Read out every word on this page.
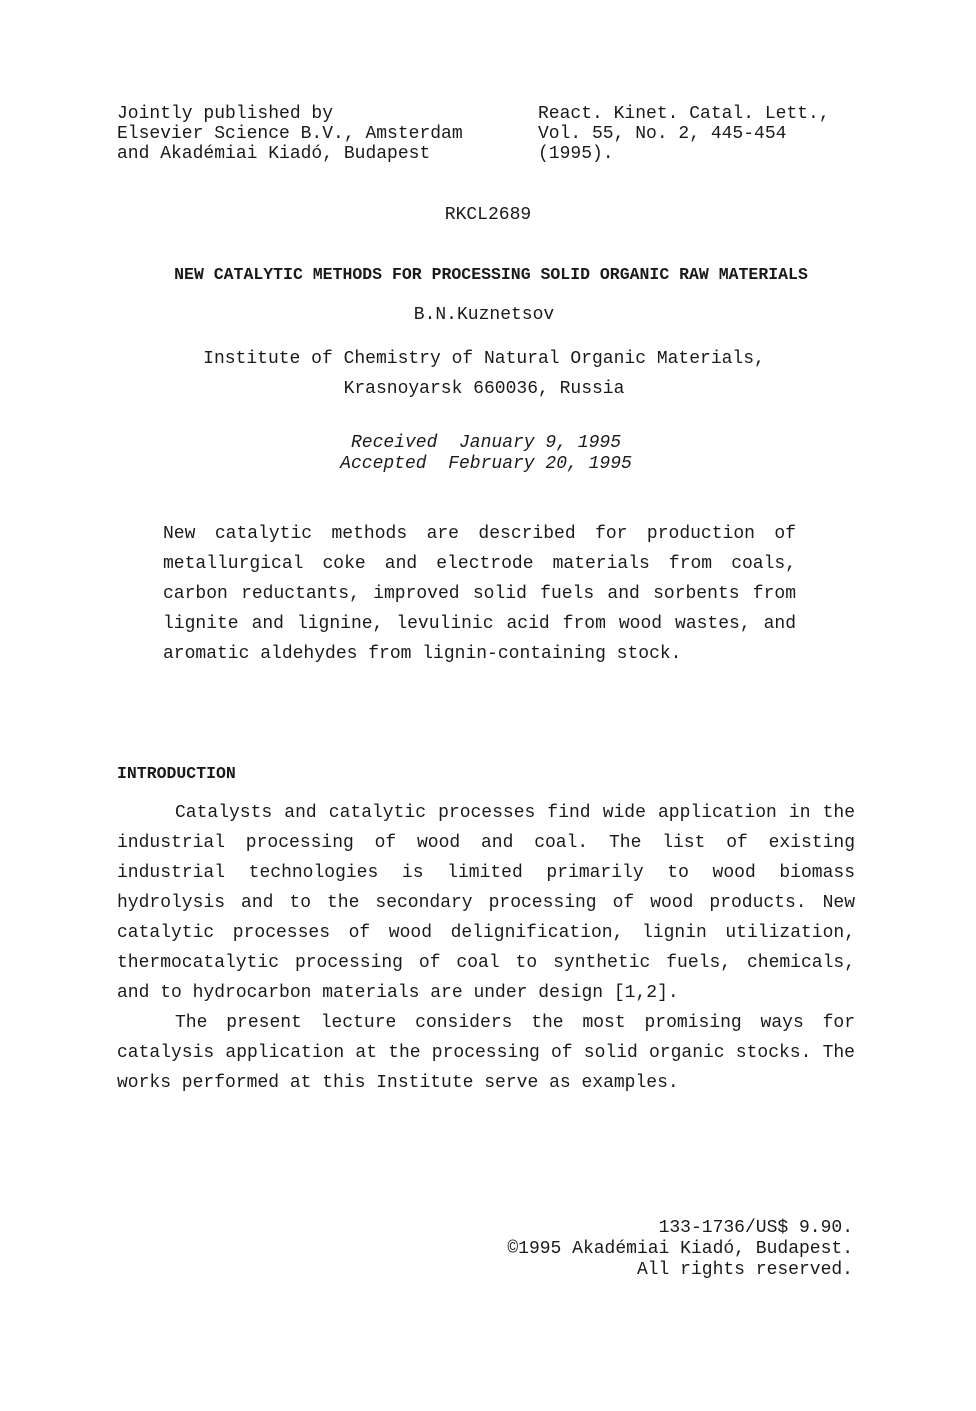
Jointly published by
Elsevier Science B.V., Amsterdam
and Akadémiai Kiadó, Budapest
React. Kinet. Catal. Lett.,
Vol. 55, No. 2, 445-454
(1995).
RKCL2689
NEW CATALYTIC METHODS FOR PROCESSING SOLID ORGANIC RAW MATERIALS
B.N.Kuznetsov
Institute of Chemistry of Natural Organic Materials,
Krasnoyarsk 660036, Russia
Received  January 9, 1995
Accepted  February 20, 1995
New catalytic methods are described for production of metallurgical coke and electrode materials from coals, carbon reductants, improved solid fuels and sorbents from lignite and lignine, levulinic acid from wood wastes, and aromatic aldehydes from lignin-containing stock.
INTRODUCTION

Catalysts and catalytic processes find wide application in the industrial processing of wood and coal. The list of existing industrial technologies is limited primarily to wood biomass hydrolysis and to the secondary processing of wood products. New catalytic processes of wood delignification, lignin utilization, thermocatalytic processing of coal to synthetic fuels, chemicals, and to hydrocarbon materials are under design [1,2].

The present lecture considers the most promising ways for catalysis application at the processing of solid organic stocks. The works performed at this Institute serve as examples.

133-1736/US$ 9.90.
©1995 Akadémiai Kiadó, Budapest.
All rights reserved.
